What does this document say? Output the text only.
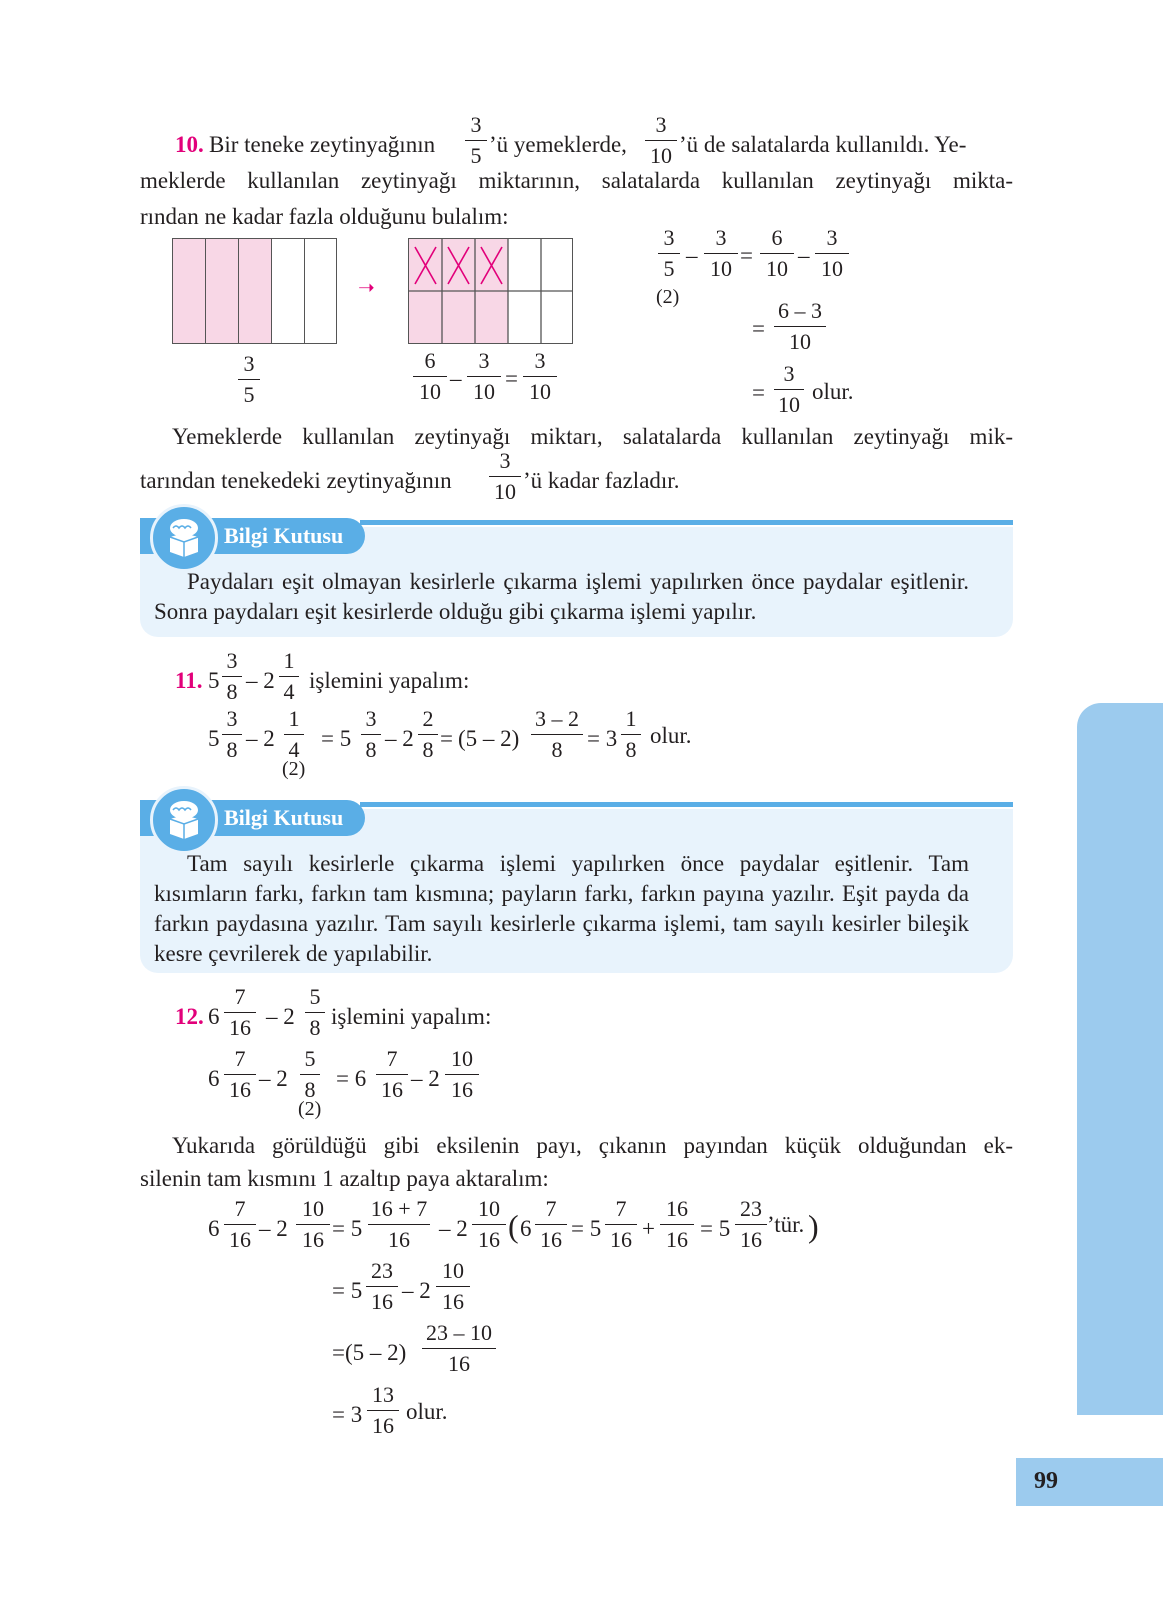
99
10. Bir teneke zeytinyağının
3
5 ’ü yemeklerde,
3
10 ’ü de salatalarda kullanıldı. Ye-
meklerde kullanılan zeytinyağı miktarının, salatalarda kullanılan zeytinyağı mikta-
rından ne kadar fazla olduğunu bulalım:
3
5
➝
6
10
–
3
10
=
3
10
3
5
(2)
–
3
10
=
6
10
–
3
10
=
6 – 3
10
=
3
10
olur.
Yemeklerde kullanılan zeytinyağı miktarı, salatalarda kullanılan zeytinyağı mik-
tarından tenekedeki zeytinyağının
3
10 ’ü kadar fazladır.
Bilgi Kutusu
Paydaları eşit olmayan kesirlerle çıkarma işlemi yapılırken önce paydalar eşitlenir. Sonra paydaları eşit kesirlerde olduğu gibi çıkarma işlemi yapılır.
11. 5
3
8 – 2
1
4 işlemini yapalım:
5
3
8 – 2
1
4
(2)
= 5
3
8 – 2
2
8 = (5 – 2)
3 – 2
8	= 3
1
8
olur.
Bilgi Kutusu
Tam sayılı kesirlerle çıkarma işlemi yapılırken önce paydalar eşitlenir. Tam kısımların farkı, farkın tam kısmına; payların farkı, farkın payına yazılır. Eşit payda da farkın paydasına yazılır. Tam sayılı kesirlerle çıkarma işlemi, tam sayılı kesirler bileşik kesre çevrilerek de yapılabilir.
12. 6
7
16 – 2
5
8 işlemini yapalım:
6
7
16 – 2
5
8
(2)
= 6
7
16 – 2
10
16
Yukarıda görüldüğü gibi eksilenin payı, çıkanın payından küçük olduğundan ek-
silenin tam kısmını 1 azaltıp paya aktaralım:
6
7
16 – 2
10
16 = 5
16 + 7
16	– 2
10
16 ( 6
7
16 = 5
7
16 +
16
16 = 5
23
16
’tür. )
= 5
23
16 – 2
10
16
=(5 – 2)
23 – 10
16
= 3
13
16
olur.
